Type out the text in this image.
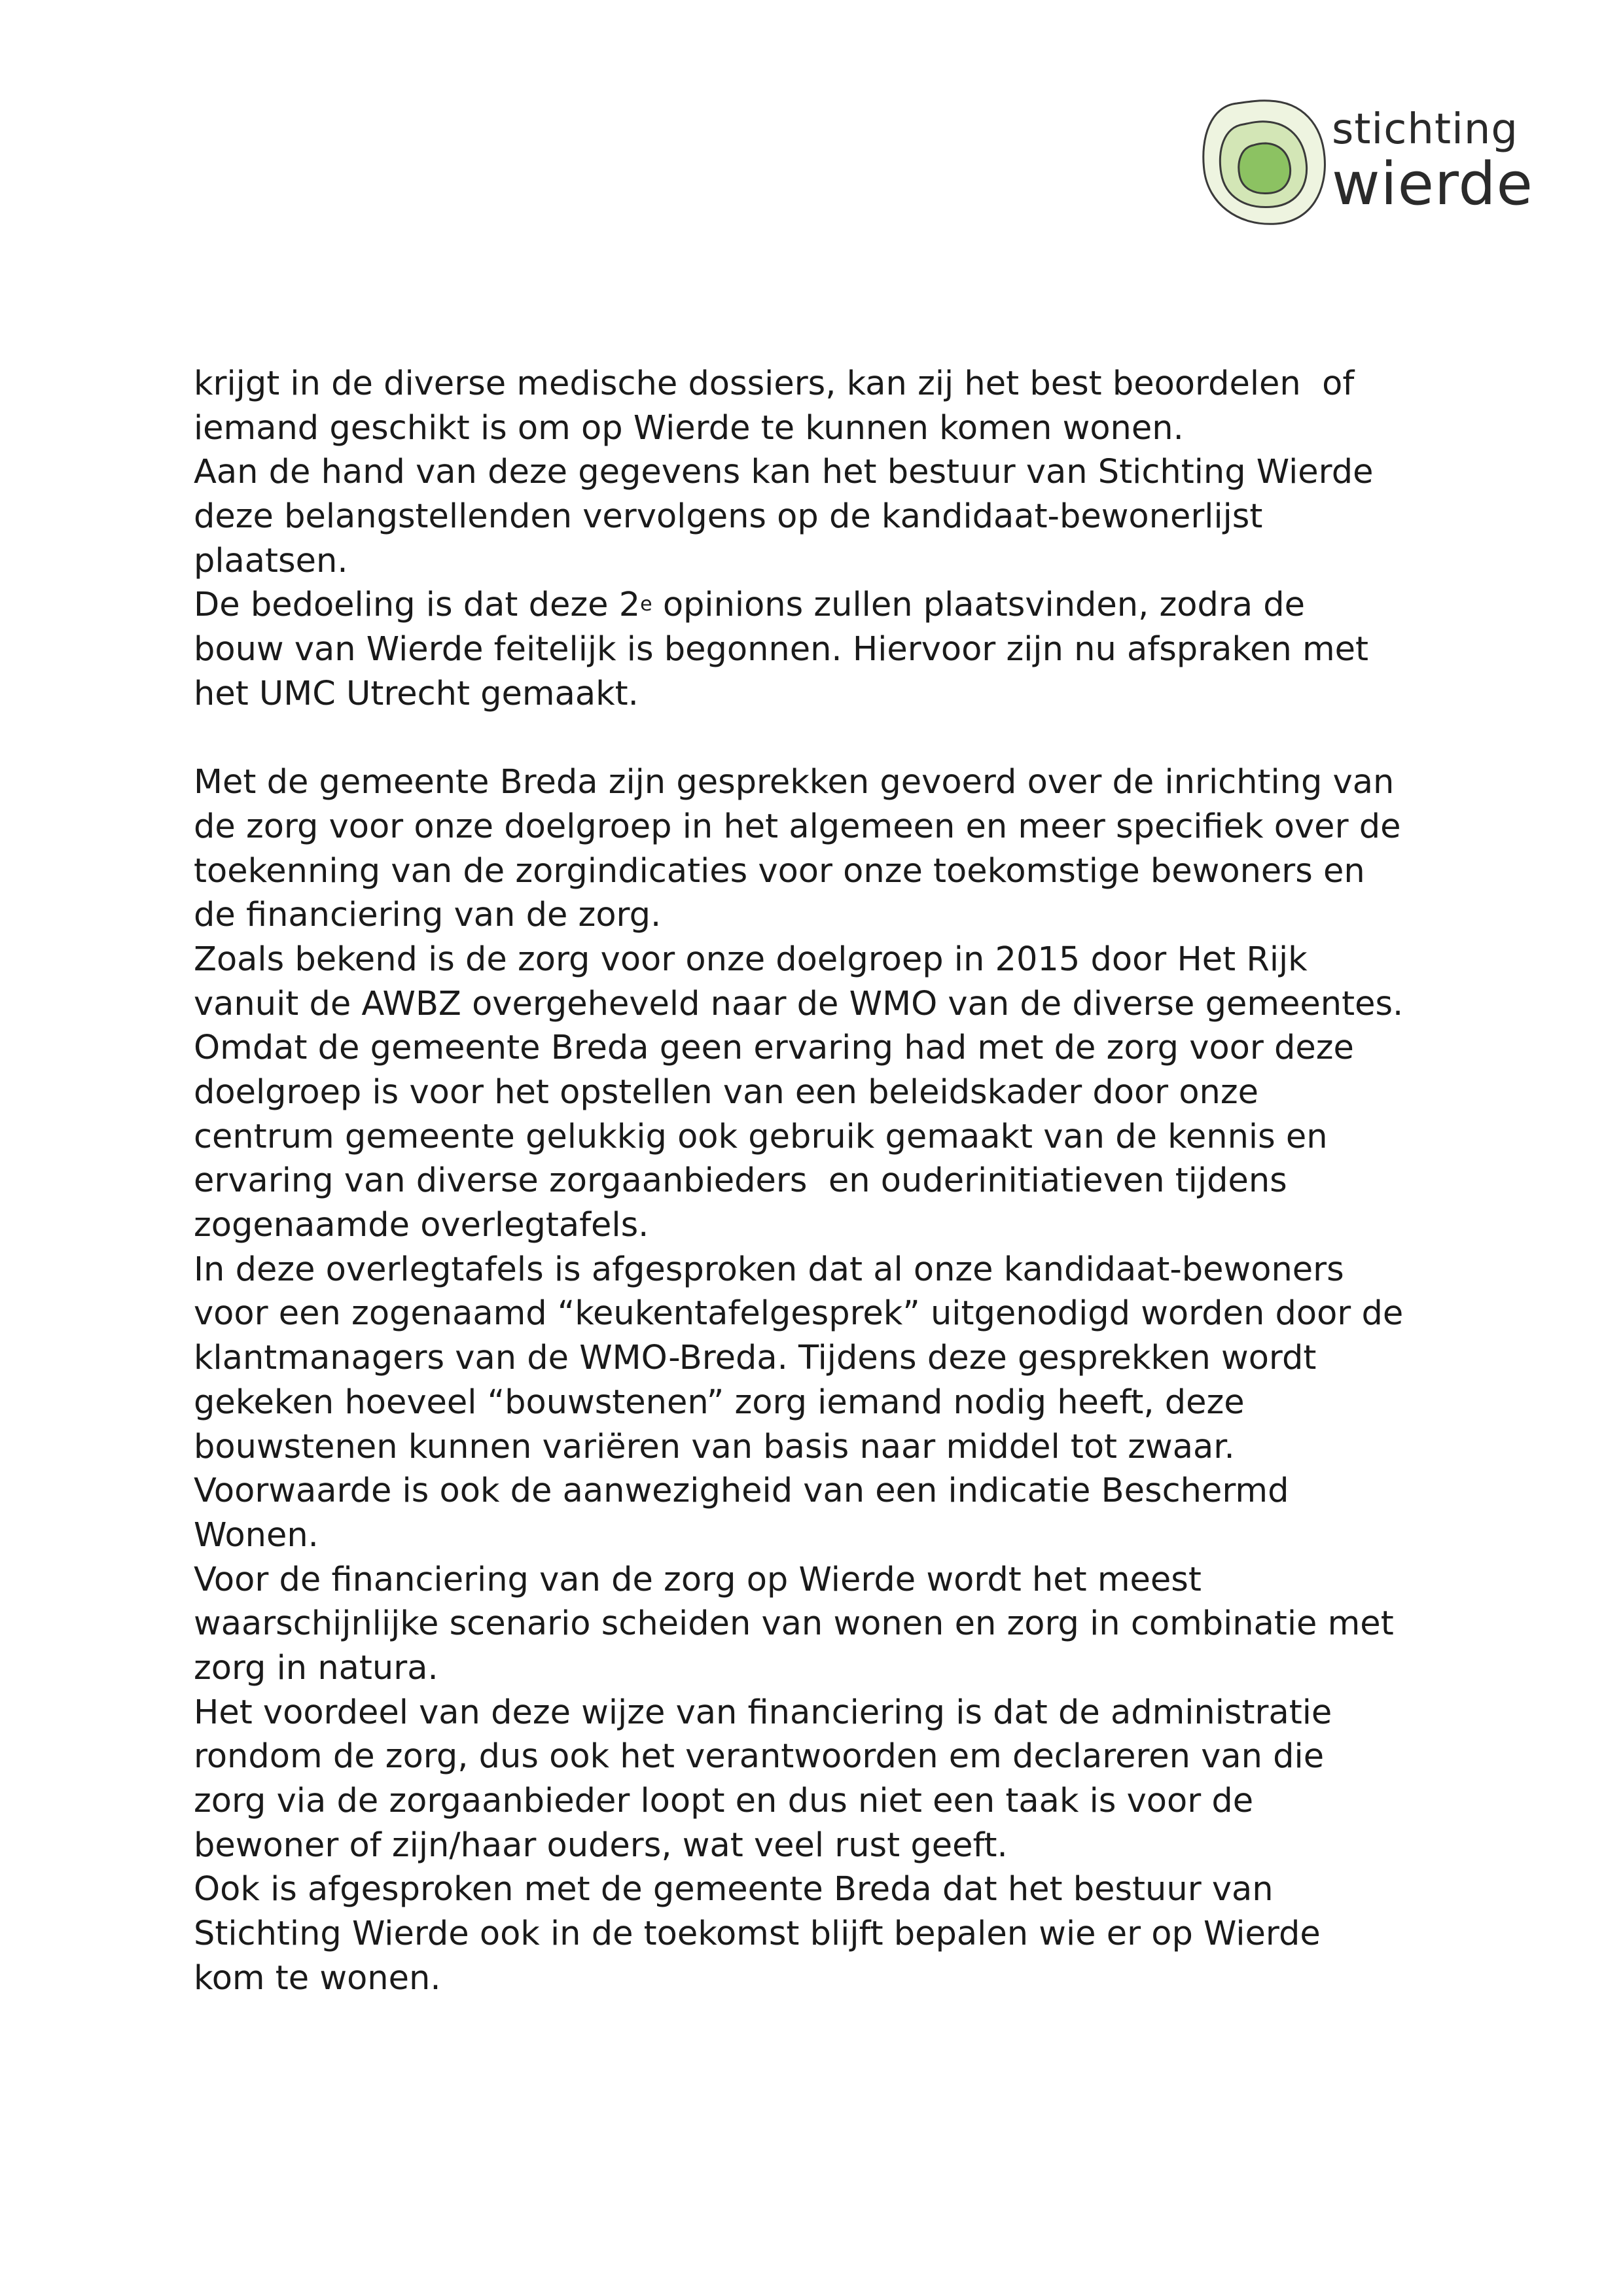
stichting
wierde
krijgt in de diverse medische dossiers, kan zij het best beoordelen  of
iemand geschikt is om op Wierde te kunnen komen wonen.
Aan de hand van deze gegevens kan het bestuur van Stichting Wierde
deze belangstellenden vervolgens op de kandidaat-bewonerlijst
plaatsen.
De bedoeling is dat deze 2e opinions zullen plaatsvinden, zodra de
bouw van Wierde feitelijk is begonnen. Hiervoor zijn nu afspraken met
het UMC Utrecht gemaakt.
Met de gemeente Breda zijn gesprekken gevoerd over de inrichting van
de zorg voor onze doelgroep in het algemeen en meer specifiek over de
toekenning van de zorgindicaties voor onze toekomstige bewoners en
de financiering van de zorg.
Zoals bekend is de zorg voor onze doelgroep in 2015 door Het Rijk
vanuit de AWBZ overgeheveld naar de WMO van de diverse gemeentes.
Omdat de gemeente Breda geen ervaring had met de zorg voor deze
doelgroep is voor het opstellen van een beleidskader door onze
centrum gemeente gelukkig ook gebruik gemaakt van de kennis en
ervaring van diverse zorgaanbieders  en ouderinitiatieven tijdens
zogenaamde overlegtafels.
In deze overlegtafels is afgesproken dat al onze kandidaat-bewoners
voor een zogenaamd “keukentafelgesprek” uitgenodigd worden door de
klantmanagers van de WMO-Breda. Tijdens deze gesprekken wordt
gekeken hoeveel “bouwstenen” zorg iemand nodig heeft, deze
bouwstenen kunnen variëren van basis naar middel tot zwaar.
Voorwaarde is ook de aanwezigheid van een indicatie Beschermd
Wonen.
Voor de financiering van de zorg op Wierde wordt het meest
waarschijnlijke scenario scheiden van wonen en zorg in combinatie met
zorg in natura.
Het voordeel van deze wijze van financiering is dat de administratie
rondom de zorg, dus ook het verantwoorden em declareren van die
zorg via de zorgaanbieder loopt en dus niet een taak is voor de
bewoner of zijn/haar ouders, wat veel rust geeft.
Ook is afgesproken met de gemeente Breda dat het bestuur van
Stichting Wierde ook in de toekomst blijft bepalen wie er op Wierde
kom te wonen.
